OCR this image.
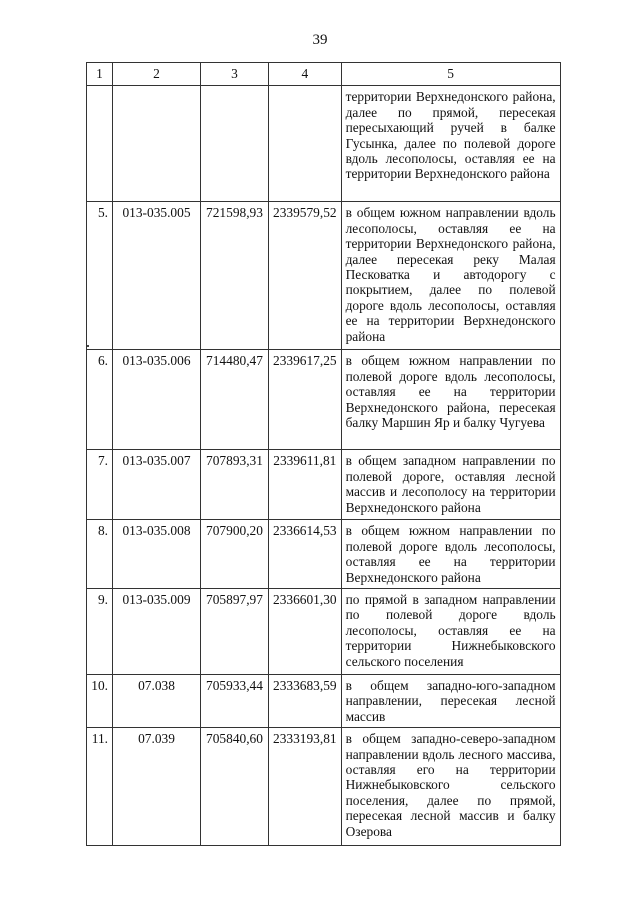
39
1	2	3	4	5
				территории Верхнедонского района, далее по прямой, пересекая пересыхающий ручей в балке Гусынка, далее по полевой дороге вдоль лесополосы, оставляя ее на территории Верхнедонского района
5.	013-035.005	721598,93	2339579,52	в общем южном направлении вдоль лесополосы, оставляя ее на территории Верхнедонского района, далее пересекая реку Малая Песковатка и автодорогу с покрытием, далее по полевой дороге вдоль лесополосы, оставляя ее на территории Верхнедонского района
6.	013-035.006	714480,47	2339617,25	в общем южном направлении по полевой дороге вдоль лесополосы, оставляя ее на территории Верхнедонского района, пересекая балку Маршин Яр и балку Чугуева
7.	013-035.007	707893,31	2339611,81	в общем западном направлении по полевой дороге, оставляя лесной массив и лесополосу на территории Верхнедонского района
8.	013-035.008	707900,20	2336614,53	в общем южном направлении по полевой дороге вдоль лесополосы, оставляя ее на территории Верхнедонского района
9.	013-035.009	705897,97	2336601,30	по прямой в западном направлении по полевой дороге вдоль лесополосы, оставляя ее на территории Нижнебыковского сельского поселения
10.	07.038	705933,44	2333683,59	в общем западно-юго-западном направлении, пересекая лесной массив
11.	07.039	705840,60	2333193,81	в общем западно-северо-западном направлении вдоль лесного массива, оставляя его на территории Нижнебыковского сельского поселения, далее по прямой, пересекая лесной массив и балку Озерова
